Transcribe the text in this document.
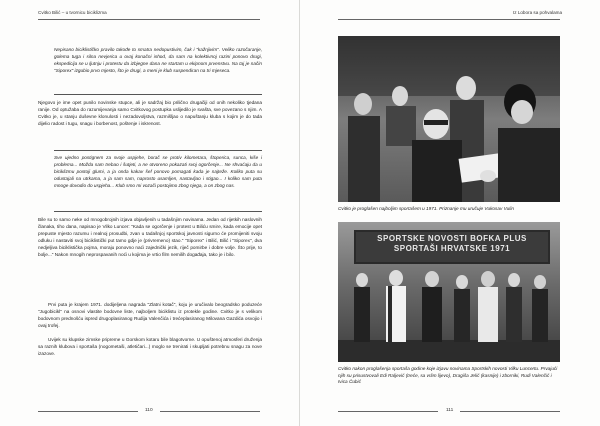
Cvitko Bilić ‒ u tvornicu biciklizma

Nepisano biciklističko pravilo takođe to smatra nedopustivim, čak i "kažnjivim". Veliko razočaranje, golema tuga i silna nevjerica u ovaj konačni ishod, da sam na kolektivnoj razini ponovo drugi, ekspedicija se u ljutnju i protestu da izbjegne dana ne startam u ekipnom prvenstvu. Na taj je način "Siporex" izgubio prvo mjesto, što je drugi, a meni je klub suspendiran na tri mjeseca.

Njegovo je ime opet punilo novinske stupce, ali je sadržaj bio prilično drugačiji od onih nekoliko tjedana ranije. Od optužaba do razumijevanja samo Cvitkovog postupka uslijedilo je svašta, sve povezano s njim. A Cvitko je, u stanju duševne klonulosti i nezadovoljstva, razmišljao o napuštanju kluba s kojim je do tada dijelio radost i tugu, snagu i borbenost, poštenje i iskrenost.

Sve ujedno postignem za svoje uspjehe, borač se protiv kilometara, štoperica, sunca, kiše i problema... Možda sam trebao i šutjeti, a ne otvoreno pokazati svoj ogorčenje... Ne shvaćaju da u biciklizmu postoji glumi, a ja onda kakav šef ponovo pomagati kada je najteže. Koliko puta su odustajali na utrkama, a ja sam sam, naprosto usamljen, nastavljao i stigao... I koliko sam puta mnoge dovodio do uspjeha... Klub smo mi vozači postojimo zbog njega, a on zbog nas.

Bile su to samo neke od mnogobrojnih izjava objavljenih u tadašnjim novinama. Jedan od rijetkih naslovnih članaka, tiho dana, napisao je Vilko Luncer: "Kada se ogorčenje i protest u Biliću smire, kada emocije opet prepuste mjesto razumu i realnoj prosudbi, zvan u tadašnjoj sportskoj javnosti sigurno će promijeniti svoju odluku i nastaviti svoj biciklistički put tamo gdje je (privremeno) stao." "Siporex" i Bilić, Bilić i "Siporex", dva nedjeljiva biciklistička pojma, moraju ponovno naći zajednički jezik, riječ pomirbe i dobre volje. Što prije, to bolje..." Nakon mnogih neprospavanih noći u kojima je vrtio film nemilih događaja, tako je i bilo.

Prvi puta je krajem 1971. dodijeljena nagrada "Zlatni kotač", koju je uručivalo beogradsko poduzeće "Jugobicikl" na osnovi vlastite bodovne liste, najboljem biciklistu iz protekle godine. Cvitko je s velikom bodovnom prednošću ispred drugoplasiranog Rudija Valenčića i trećeplasiranog Milovana Gazdića osvojio i ovaj trofej.

Uvijek su klupske zimske pripreme u Gorskom kotaru bile blagotvorne. U opuštenoj atmosferi druženja sa raznih klubova i sportaša (nogometaši, atletičari...) moglo se trenirati i skupljati potrebnu snagu za nove izazove.

110
Iz Lobora sa pohvalama

Cvitko je proglašen najboljim sportašem u 1971. Priznanje mu uručuje Vukosav Vulin

SPORTSKE NOVOSTI BOFKA PLUS SPORTAŠI HRVATSKE 1971

Cvitko nakon proglašenja sportaša godine koje izjavu novinama Sportskih novosti Vilku Luncertu. Prvajući njih su prisustvovali Edi Raljević (treće, sa vrlim lijevo), Dragiša Jelić (kasnije) i zborniki, Rudi Valenčić i Ivica Čubić

111
